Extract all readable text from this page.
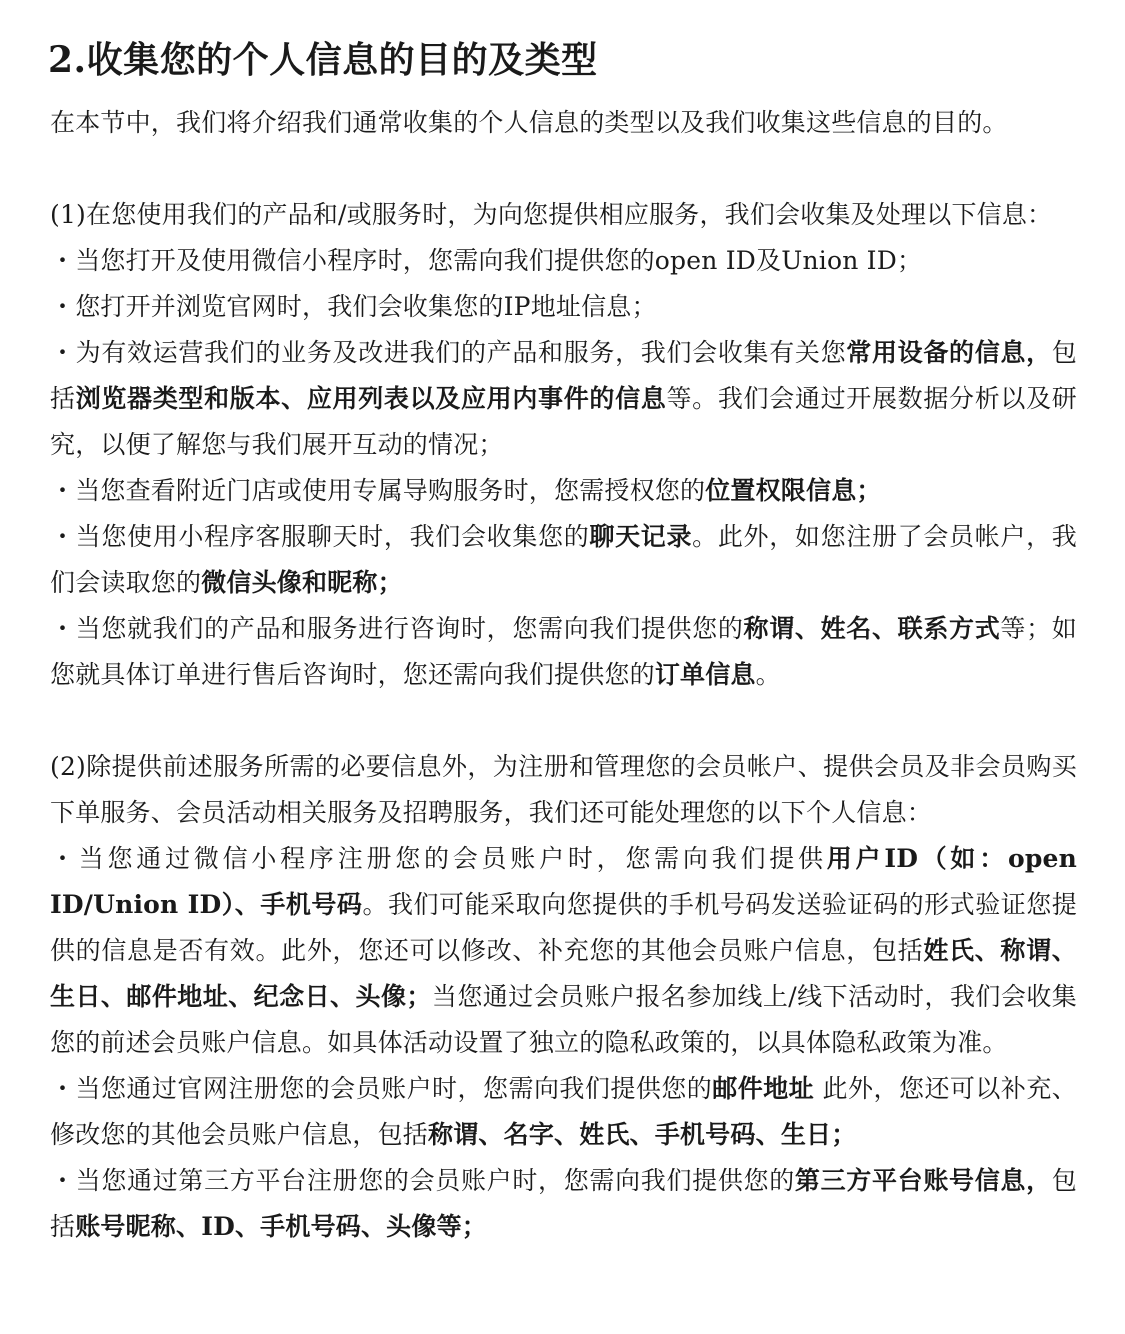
2.收集您的个人信息的目的及类型

在本节中，我们将介绍我们通常收集的个人信息的类型以及我们收集这些信息的目的。

(1)在您使用我们的产品和/或服务时，为向您提供相应服务，我们会收集及处理以下信息：

・当您打开及使用微信小程序时，您需向我们提供您的open ID及Union ID；

・您打开并浏览官网时，我们会收集您的IP地址信息；

・为有效运营我们的业务及改进我们的产品和服务，我们会收集有关您常用设备的信息，包括浏览器类型和版本、应用列表以及应用内事件的信息等。我们会通过开展数据分析以及研究，以便了解您与我们展开互动的情况；

・当您查看附近门店或使用专属导购服务时，您需授权您的位置权限信息；

・当您使用小程序客服聊天时，我们会收集您的聊天记录。此外，如您注册了会员帐户，我们会读取您的微信头像和昵称；

・当您就我们的产品和服务进行咨询时，您需向我们提供您的称谓、姓名、联系方式等；如您就具体订单进行售后咨询时，您还需向我们提供您的订单信息。

(2)除提供前述服务所需的必要信息外，为注册和管理您的会员帐户、提供会员及非会员购买下单服务、会员活动相关服务及招聘服务，我们还可能处理您的以下个人信息：

・当您通过微信小程序注册您的会员账户时，您需向我们提供用户ID（如：open ID/Union ID）、手机号码。我们可能采取向您提供的手机号码发送验证码的形式验证您提供的信息是否有效。此外，您还可以修改、补充您的其他会员账户信息，包括姓氏、称谓、生日、邮件地址、纪念日、头像；当您通过会员账户报名参加线上/线下活动时，我们会收集您的前述会员账户信息。如具体活动设置了独立的隐私政策的，以具体隐私政策为准。

・当您通过官网注册您的会员账户时，您需向我们提供您的邮件地址 此外，您还可以补充、修改您的其他会员账户信息，包括称谓、名字、姓氏、手机号码、生日；

・当您通过第三方平台注册您的会员账户时，您需向我们提供您的第三方平台账号信息，包括账号昵称、ID、手机号码、头像等；
